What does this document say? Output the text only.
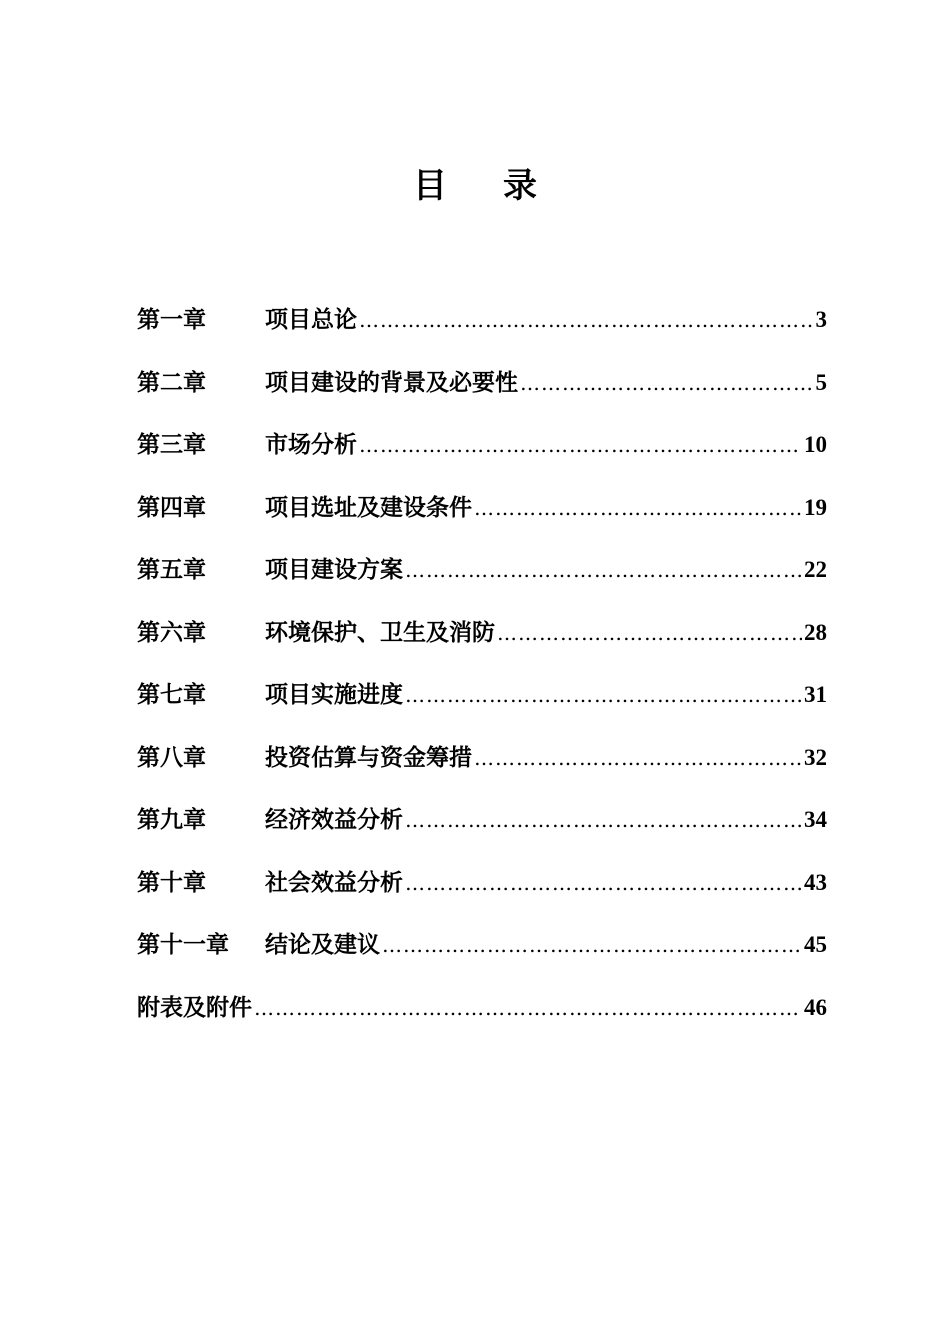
目录
第一章	项目总论 …………………………………………………………………………………………………………………………………………	3
第二章	项目建设的背景及必要性 …………………………………………………………………………………………………………………………………………	5
第三章	市场分析 …………………………………………………………………………………………………………………………………………	10
第四章	项目选址及建设条件 …………………………………………………………………………………………………………………………………………	19
第五章	项目建设方案 …………………………………………………………………………………………………………………………………………	22
第六章	环境保护、卫生及消防 …………………………………………………………………………………………………………………………………………	28
第七章	项目实施进度 …………………………………………………………………………………………………………………………………………	31
第八章	投资估算与资金筹措 …………………………………………………………………………………………………………………………………………	32
第九章	经济效益分析 …………………………………………………………………………………………………………………………………………	34
第十章	社会效益分析 …………………………………………………………………………………………………………………………………………	43
第十一章	结论及建议 …………………………………………………………………………………………………………………………………………	45
附表及附件 …………………………………………………………………………………………………………………………………………	46
